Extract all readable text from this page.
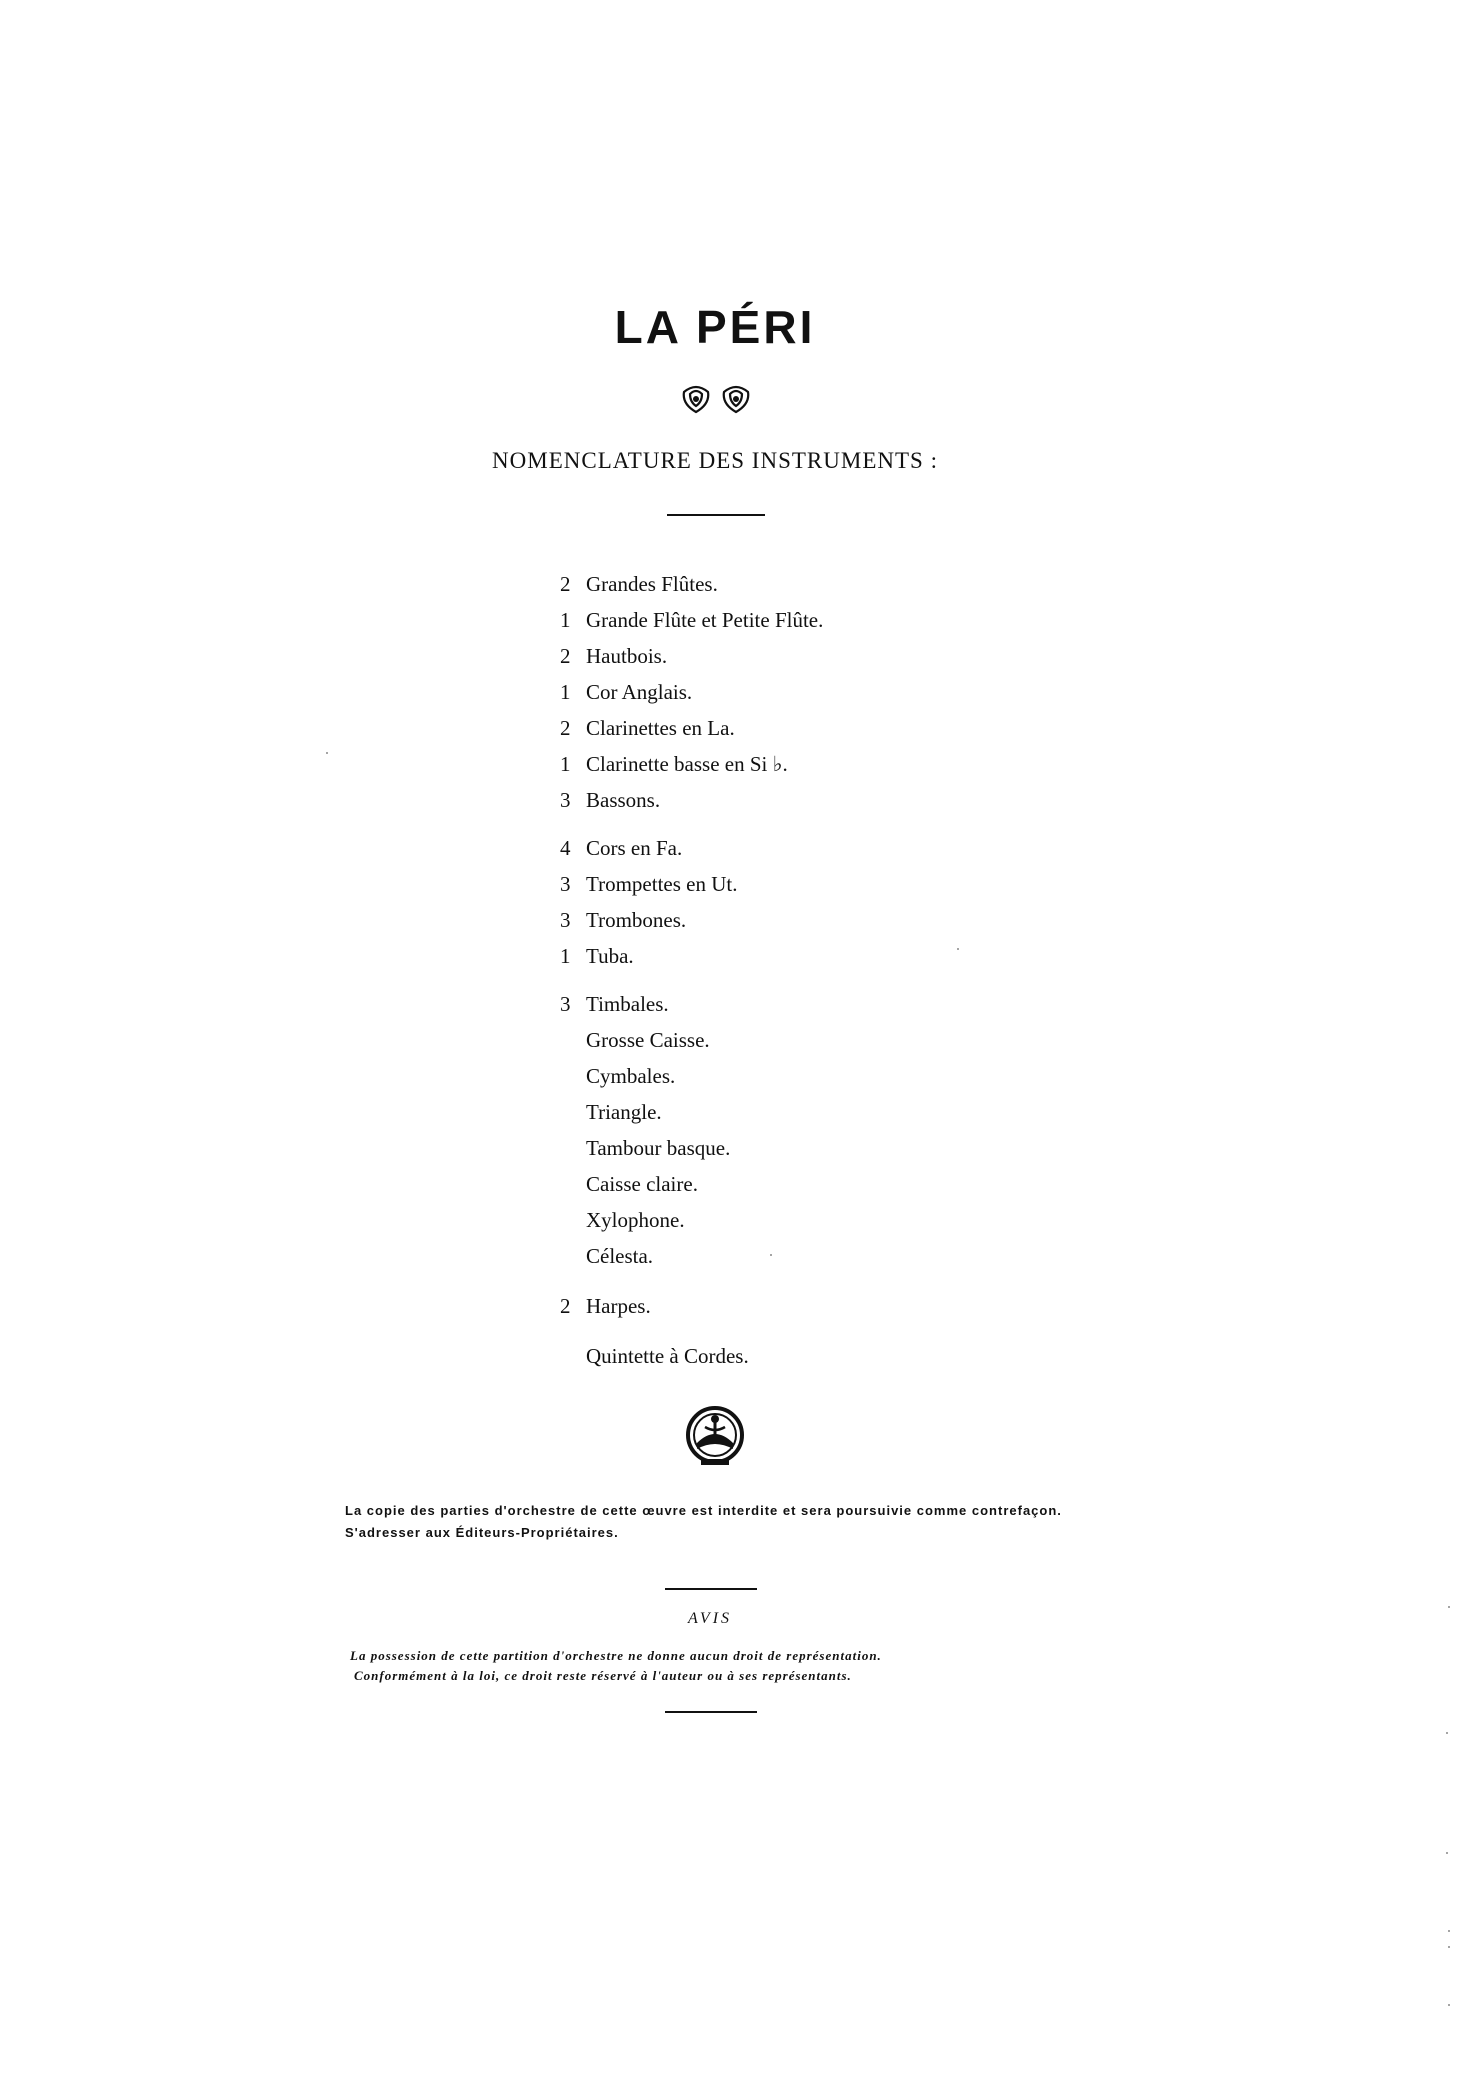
LA PÉRI
NOMENCLATURE DES INSTRUMENTS :
2 Grandes Flûtes.
1 Grande Flûte et Petite Flûte.
2 Hautbois.
1 Cor Anglais.
2 Clarinettes en La.
1 Clarinette basse en Si ♭.
3 Bassons.
4 Cors en Fa.
3 Trompettes en Ut.
3 Trombones.
1 Tuba.
3 Timbales.
Grosse Caisse.
Cymbales.
Triangle.
Tambour basque.
Caisse claire.
Xylophone.
Célesta.
2 Harpes.
Quintette à Cordes.
La copie des parties d'orchestre de cette œuvre est interdite et sera poursuivie comme contrefaçon.
S'adresser aux Éditeurs-Propriétaires.
AVIS
La possession de cette partition d'orchestre ne donne aucun droit de représentation.
Conformément à la loi, ce droit reste réservé à l'auteur ou à ses représentants.
